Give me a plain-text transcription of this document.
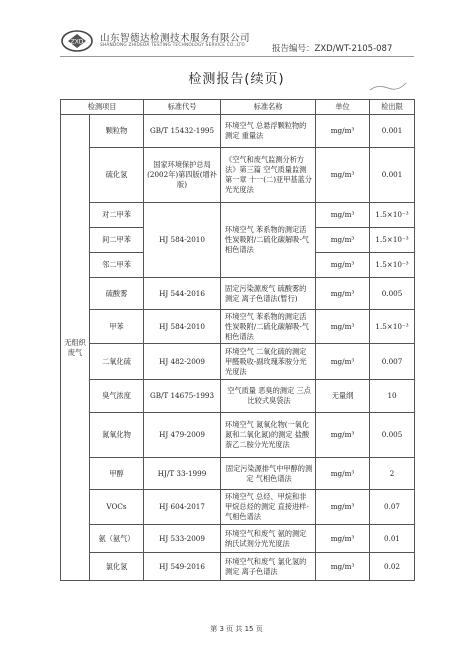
ZXD 山东智德达检测技术服务有限公司
SHANDONG ZHIDEDA TESTING TECHNOLOGY SERVICE CO.,LTD	报告编号：ZXD/WT-2105-087
检测报告(续页)
检测项目		标准代号	标准名称	单位	检出限
无组织废气	颗粒物	GB/T 15432-1995	环境空气 总悬浮颗粒物的测定 重量法	mg/m³	0.001
	硫化氢	国家环境保护总局(2002年)第四版(增补版)	《空气和废气监测分析方法》第三篇 空气质量监测 第一章 十一(二)亚甲基蓝分光光度法	mg/m³	0.001
	对二甲苯	HJ 584-2010	环境空气 苯系物的测定活性炭吸附/二硫化碳解吸-气相色谱法	mg/m³	1.5×10⁻³
	间二甲苯			mg/m³	1.5×10⁻³
	邻二甲苯			mg/m³	1.5×10⁻³
	硫酸雾	HJ 544-2016	固定污染源废气 硫酸雾的测定 离子色谱法(暂行)	mg/m³	0.005
	甲苯	HJ 584-2010	环境空气 苯系物的测定活性炭吸附/二硫化碳解吸-气相色谱法	mg/m³	1.5×10⁻³
	二氧化硫	HJ 482-2009	环境空气 二氧化硫的测定 甲醛吸收-副玫瑰苯胺分光光度法	mg/m³	0.007
	臭气浓度	GB/T 14675-1993	空气质量 恶臭的测定 三点比较式臭袋法	无量纲	10
	氮氧化物	HJ 479-2009	环境空气 氮氧化物(一氧化氮和二氧化氮)的测定 盐酸萘乙二胺分光光度法	mg/m³	0.005
	甲醇	HJ/T 33-1999	固定污染源排气中甲醇的测定 气相色谱法	mg/m³	2
	VOCs	HJ 604-2017	环境空气 总烃、甲烷和非甲烷总烃的测定 直接进样-气相色谱法	mg/m³	0.07
	氨（氨气）	HJ 533-2009	环境空气和废气 氨的测定 纳氏试剂分光光度法	mg/m³	0.01
	氯化氢	HJ 549-2016	环境空气和废气 氯化氢的测定 离子色谱法	mg/m³	0.02
第 3 页 共 15 页
